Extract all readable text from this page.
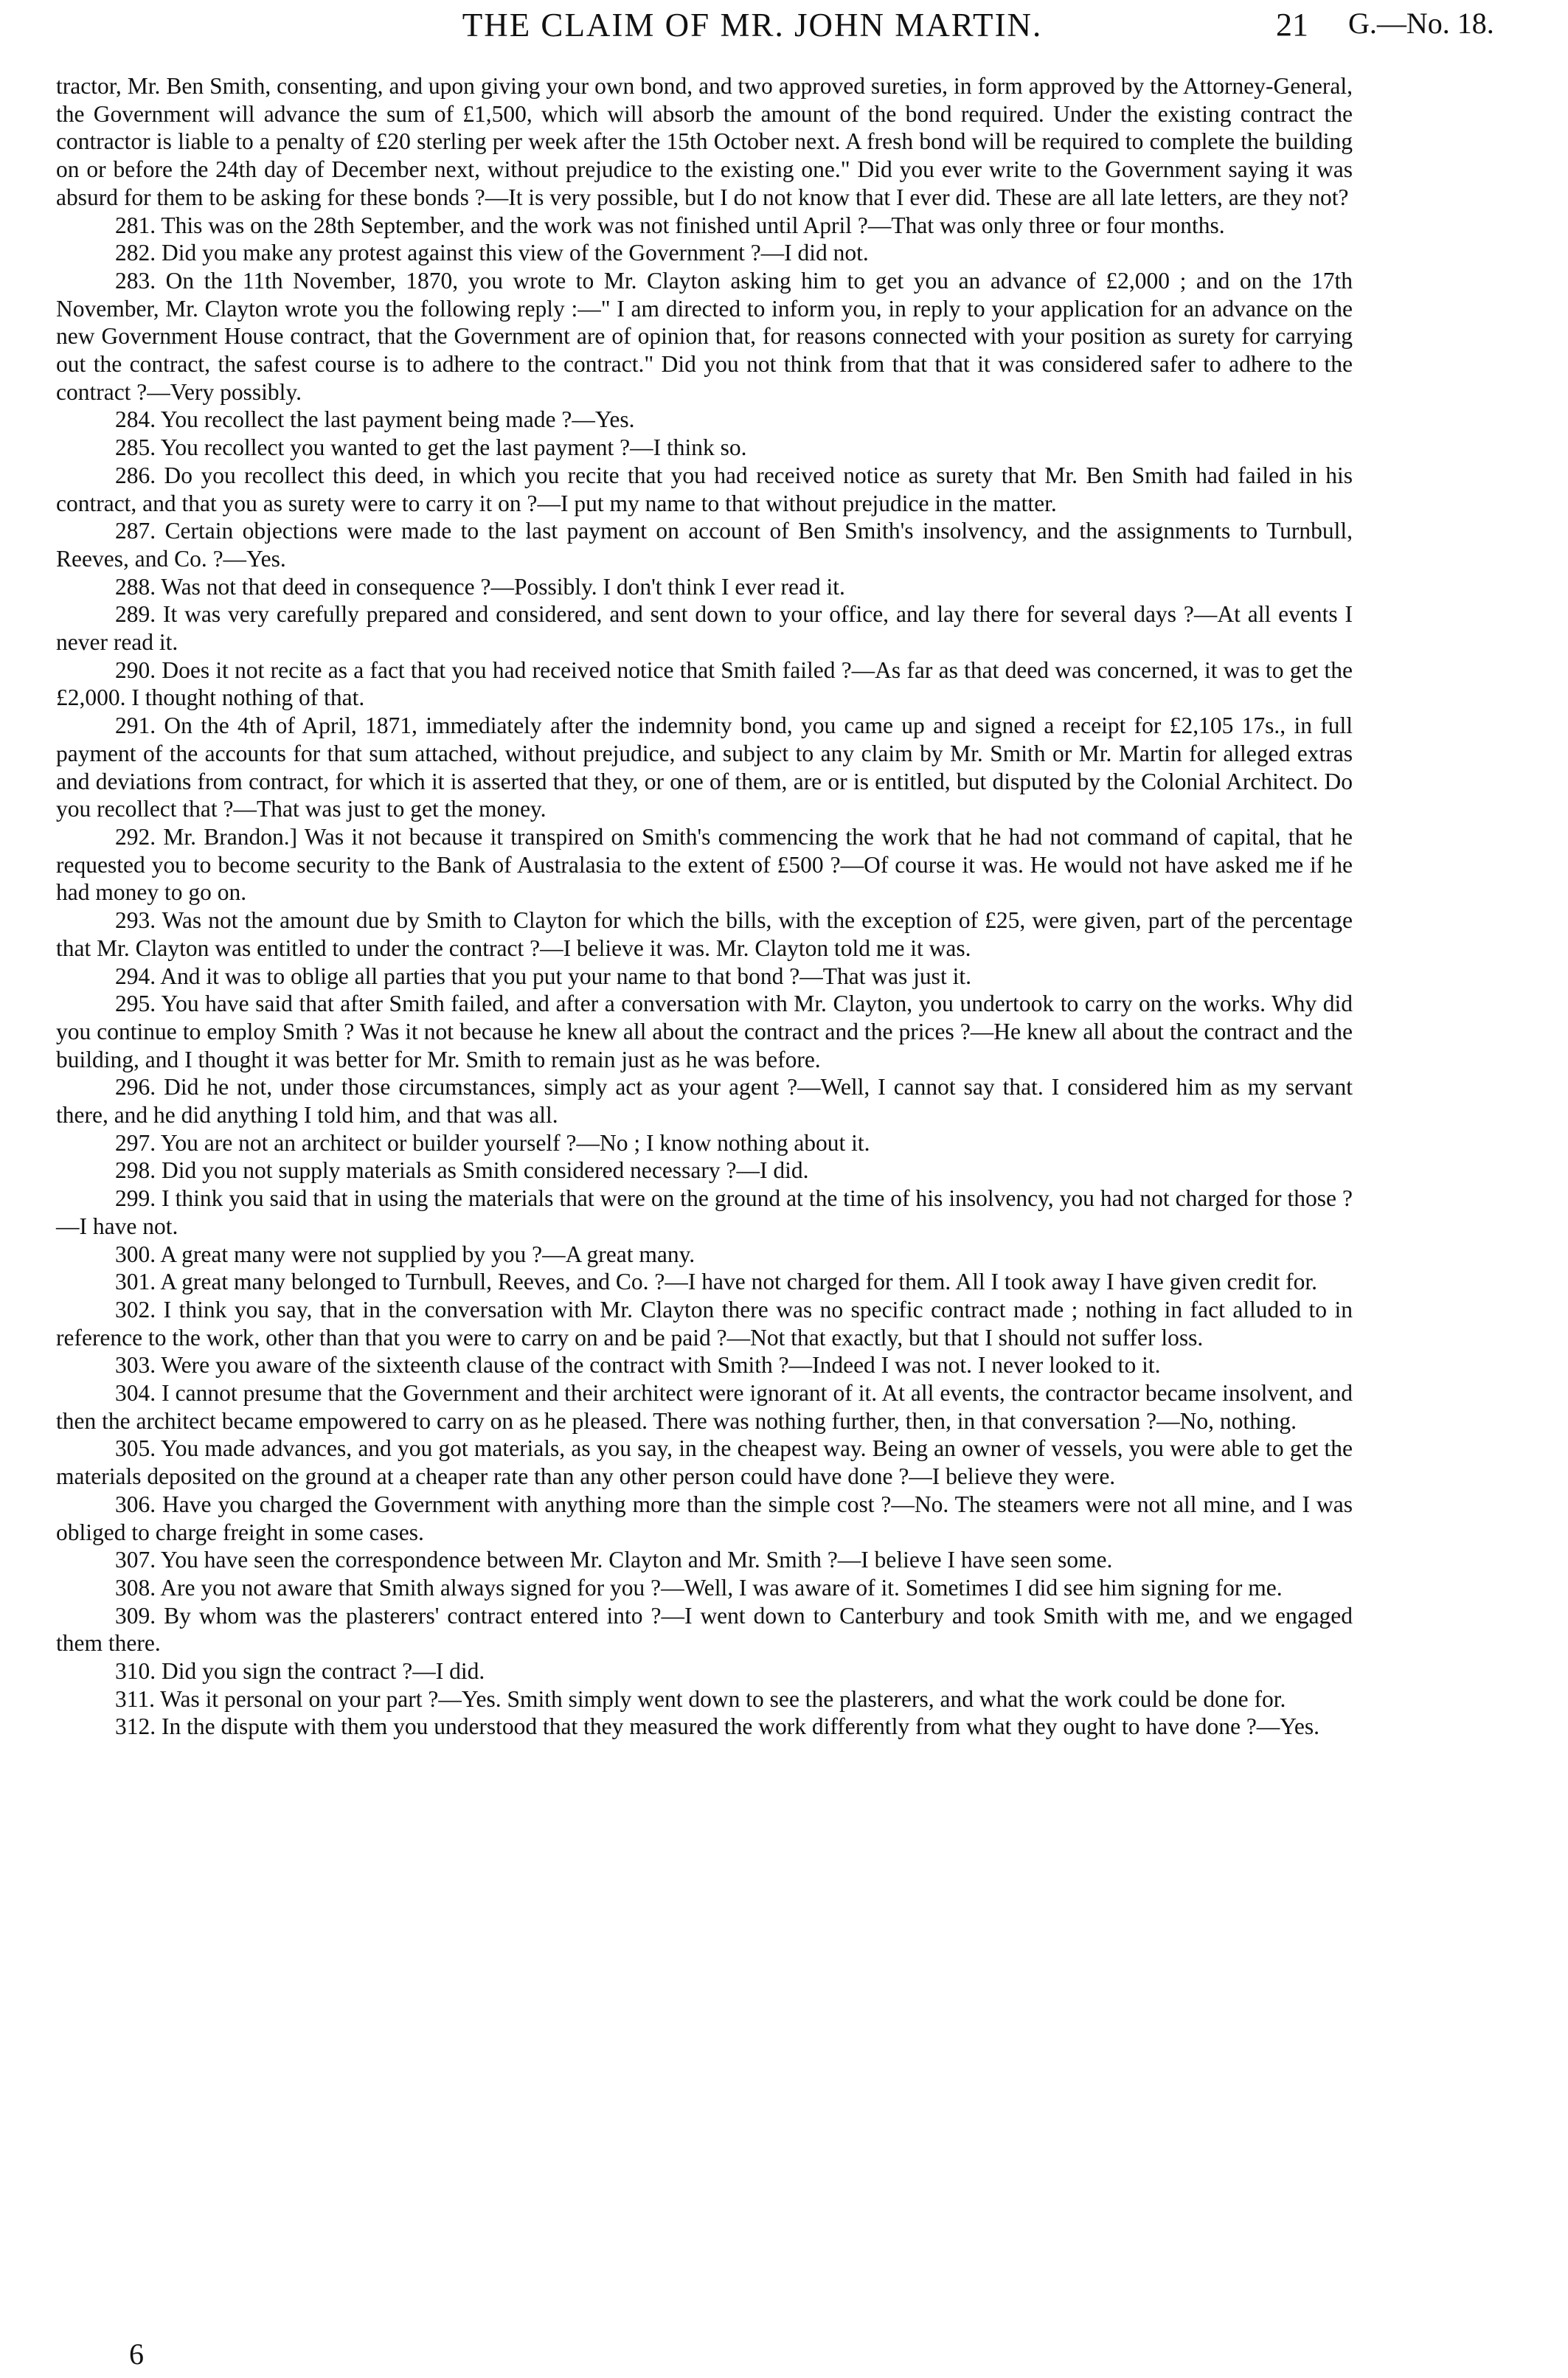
THE CLAIM OF MR. JOHN MARTIN.	21 G.—No. 18.

tractor, Mr. Ben Smith, consenting, and upon giving your own bond, and two approved sureties, in form approved by the Attorney-General, the Government will advance the sum of £1,500, which will absorb the amount of the bond required. Under the existing contract the contractor is liable to a penalty of £20 sterling per week after the 15th October next. A fresh bond will be required to complete the building on or before the 24th day of December next, without prejudice to the existing one." Did you ever write to the Government saying it was absurd for them to be asking for these bonds ?—It is very possible, but I do not know that I ever did. These are all late letters, are they not?

281. This was on the 28th September, and the work was not finished until April ?—That was only three or four months.

282. Did you make any protest against this view of the Government ?—I did not.

283. On the 11th November, 1870, you wrote to Mr. Clayton asking him to get you an advance of £2,000 ; and on the 17th November, Mr. Clayton wrote you the following reply :—" I am directed to inform you, in reply to your application for an advance on the new Government House contract, that the Government are of opinion that, for reasons connected with your position as surety for carrying out the contract, the safest course is to adhere to the contract." Did you not think from that that it was considered safer to adhere to the contract ?—Very possibly.

284. You recollect the last payment being made ?—Yes.

285. You recollect you wanted to get the last payment ?—I think so.

286. Do you recollect this deed, in which you recite that you had received notice as surety that Mr. Ben Smith had failed in his contract, and that you as surety were to carry it on ?—I put my name to that without prejudice in the matter.

287. Certain objections were made to the last payment on account of Ben Smith's insolvency, and the assignments to Turnbull, Reeves, and Co. ?—Yes.

288. Was not that deed in consequence ?—Possibly. I don't think I ever read it.

289. It was very carefully prepared and considered, and sent down to your office, and lay there for several days ?—At all events I never read it.

290. Does it not recite as a fact that you had received notice that Smith failed ?—As far as that deed was concerned, it was to get the £2,000. I thought nothing of that.

291. On the 4th of April, 1871, immediately after the indemnity bond, you came up and signed a receipt for £2,105 17s., in full payment of the accounts for that sum attached, without prejudice, and subject to any claim by Mr. Smith or Mr. Martin for alleged extras and deviations from contract, for which it is asserted that they, or one of them, are or is entitled, but disputed by the Colonial Architect. Do you recollect that ?—That was just to get the money.

292. Mr. Brandon.] Was it not because it transpired on Smith's commencing the work that he had not command of capital, that he requested you to become security to the Bank of Australasia to the extent of £500 ?—Of course it was. He would not have asked me if he had money to go on.

293. Was not the amount due by Smith to Clayton for which the bills, with the exception of £25, were given, part of the percentage that Mr. Clayton was entitled to under the contract ?—I believe it was. Mr. Clayton told me it was.

294. And it was to oblige all parties that you put your name to that bond ?—That was just it.

295. You have said that after Smith failed, and after a conversation with Mr. Clayton, you undertook to carry on the works. Why did you continue to employ Smith ? Was it not because he knew all about the contract and the prices ?—He knew all about the contract and the building, and I thought it was better for Mr. Smith to remain just as he was before.

296. Did he not, under those circumstances, simply act as your agent ?—Well, I cannot say that. I considered him as my servant there, and he did anything I told him, and that was all.

297. You are not an architect or builder yourself ?—No ; I know nothing about it.

298. Did you not supply materials as Smith considered necessary ?—I did.

299. I think you said that in using the materials that were on the ground at the time of his insolvency, you had not charged for those ?—I have not.

300. A great many were not supplied by you ?—A great many.

301. A great many belonged to Turnbull, Reeves, and Co. ?—I have not charged for them. All I took away I have given credit for.

302. I think you say, that in the conversation with Mr. Clayton there was no specific contract made ; nothing in fact alluded to in reference to the work, other than that you were to carry on and be paid ?—Not that exactly, but that I should not suffer loss.

303. Were you aware of the sixteenth clause of the contract with Smith ?—Indeed I was not. I never looked to it.

304. I cannot presume that the Government and their architect were ignorant of it. At all events, the contractor became insolvent, and then the architect became empowered to carry on as he pleased. There was nothing further, then, in that conversation ?—No, nothing.

305. You made advances, and you got materials, as you say, in the cheapest way. Being an owner of vessels, you were able to get the materials deposited on the ground at a cheaper rate than any other person could have done ?—I believe they were.

306. Have you charged the Government with anything more than the simple cost ?—No. The steamers were not all mine, and I was obliged to charge freight in some cases.

307. You have seen the correspondence between Mr. Clayton and Mr. Smith ?—I believe I have seen some.

308. Are you not aware that Smith always signed for you ?—Well, I was aware of it. Sometimes I did see him signing for me.

309. By whom was the plasterers' contract entered into ?—I went down to Canterbury and took Smith with me, and we engaged them there.

310. Did you sign the contract ?—I did.

311. Was it personal on your part ?—Yes. Smith simply went down to see the plasterers, and what the work could be done for.

312. In the dispute with them you understood that they measured the work differently from what they ought to have done ?—Yes.

6
